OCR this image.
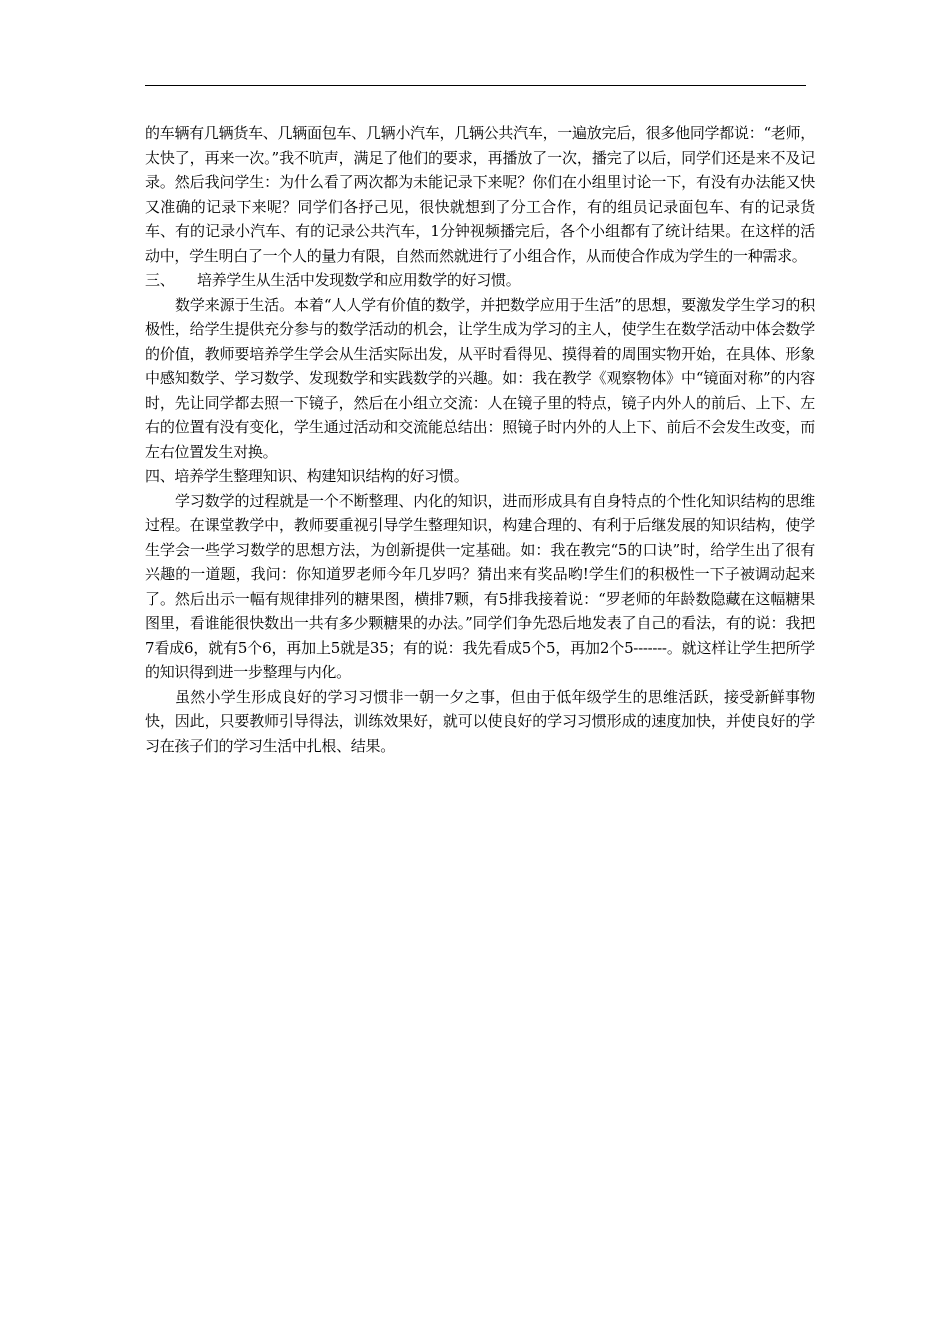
的车辆有几辆货车、几辆面包车、几辆小汽车，几辆公共汽车，一遍放完后，很多他同学都说：“老师，太快了，再来一次。”我不吭声，满足了他们的要求，再播放了一次，播完了以后，同学们还是来不及记录。然后我问学生：为什么看了两次都为未能记录下来呢？你们在小组里讨论一下，有没有办法能又快又准确的记录下来呢？同学们各抒己见，很快就想到了分工合作，有的组员记录面包车、有的记录货车、有的记录小汽车、有的记录公共汽车，1分钟视频播完后，各个小组都有了统计结果。在这样的活动中，学生明白了一个人的量力有限，自然而然就进行了小组合作，从而使合作成为学生的一种需求。

三、 培养学生从生活中发现数学和应用数学的好习惯。

数学来源于生活。本着“人人学有价值的数学，并把数学应用于生活”的思想，要激发学生学习的积极性，给学生提供充分参与的数学活动的机会，让学生成为学习的主人，使学生在数学活动中体会数学的价值，教师要培养学生学会从生活实际出发，从平时看得见、摸得着的周围实物开始，在具体、形象中感知数学、学习数学、发现数学和实践数学的兴趣。如：我在教学《观察物体》中“镜面对称”的内容时，先让同学都去照一下镜子，然后在小组立交流：人在镜子里的特点，镜子内外人的前后、上下、左右的位置有没有变化，学生通过活动和交流能总结出：照镜子时内外的人上下、前后不会发生改变，而左右位置发生对换。

四、培养学生整理知识、构建知识结构的好习惯。

学习数学的过程就是一个不断整理、内化的知识，进而形成具有自身特点的个性化知识结构的思维过程。在课堂教学中，教师要重视引导学生整理知识，构建合理的、有利于后继发展的知识结构，使学生学会一些学习数学的思想方法，为创新提供一定基础。如：我在教完“5的口诀”时，给学生出了很有兴趣的一道题，我问：你知道罗老师今年几岁吗？猜出来有奖品哟!学生们的积极性一下子被调动起来了。然后出示一幅有规律排列的糖果图，横排7颗，有5排我接着说：“罗老师的年龄数隐藏在这幅糖果图里，看谁能很快数出一共有多少颗糖果的办法。”同学们争先恐后地发表了自己的看法，有的说：我把7看成6，就有5个6，再加上5就是35；有的说：我先看成5个5，再加2个5-------。就这样让学生把所学的知识得到进一步整理与内化。

虽然小学生形成良好的学习习惯非一朝一夕之事，但由于低年级学生的思维活跃，接受新鲜事物快，因此，只要教师引导得法，训练效果好，就可以使良好的学习习惯形成的速度加快，并使良好的学习在孩子们的学习生活中扎根、结果。
